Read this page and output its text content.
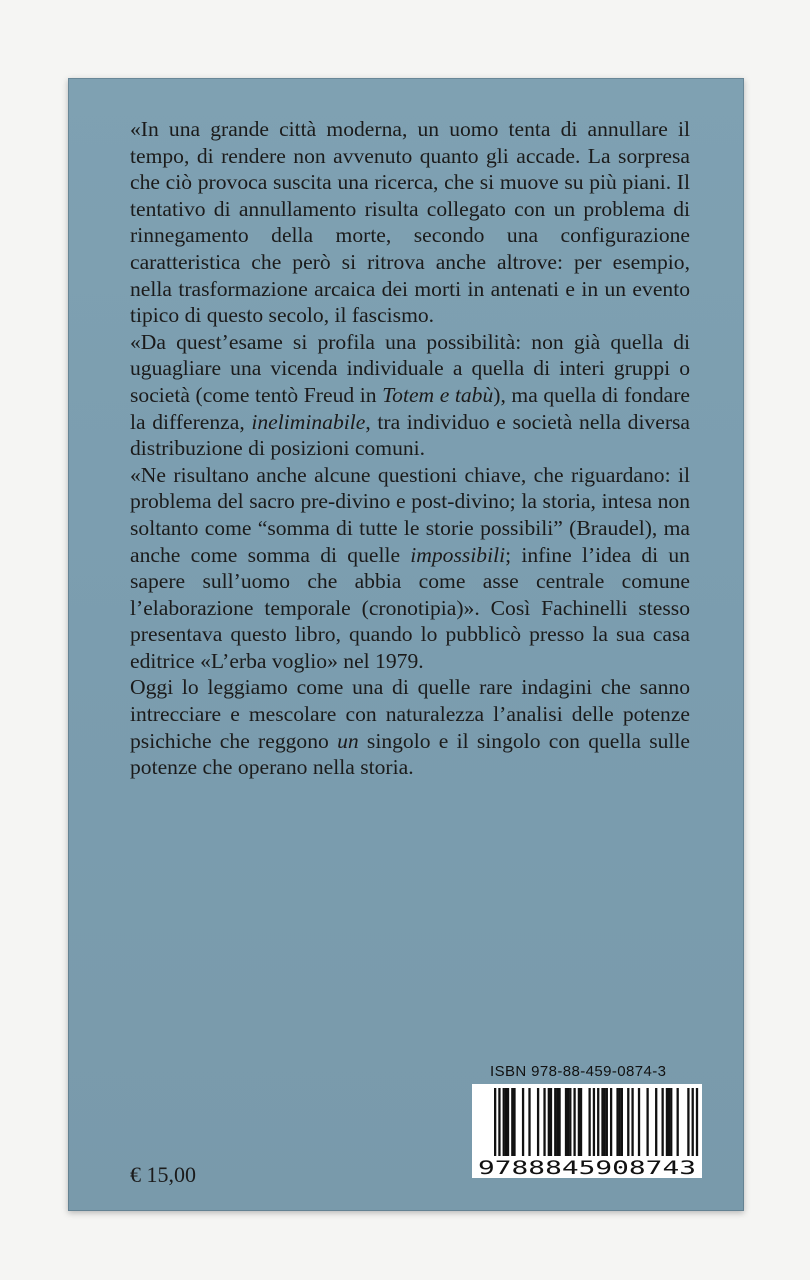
«In una grande città moderna, un uomo tenta di annullare il tempo, di rendere non avvenuto quanto gli accade. La sorpresa che ciò provoca suscita una ricerca, che si muove su più piani. Il tentativo di annullamento risulta collegato con un problema di rinnegamento della morte, secondo una configurazione caratteristica che però si ritrova anche altrove: per esempio, nella trasformazione arcaica dei morti in antenati e in un evento tipico di questo secolo, il fascismo.

«Da quest’esame si profila una possibilità: non già quella di uguagliare una vicenda individuale a quella di interi gruppi o società (come tentò Freud in Totem e tabù), ma quella di fondare la differenza, ineliminabile, tra individuo e società nella diversa distribuzione di posizioni comuni.

«Ne risultano anche alcune questioni chiave, che riguardano: il problema del sacro pre-divino e post-divino; la storia, intesa non soltanto come “somma di tutte le storie possibili” (Braudel), ma anche come somma di quelle impossibili; infine l’idea di un sapere sull’uomo che abbia come asse centrale comune l’elaborazione temporale (cronotipia)». Così Fachinelli stesso presentava questo libro, quando lo pubblicò presso la sua casa editrice «L’erba voglio» nel 1979.

Oggi lo leggiamo come una di quelle rare indagini che sanno intrecciare e mescolare con naturalezza l’analisi delle potenze psichiche che reggono un singolo e il singolo con quella sulle potenze che operano nella storia.

ISBN 978-88-459-0874-3
9788845908743
€ 15,00
